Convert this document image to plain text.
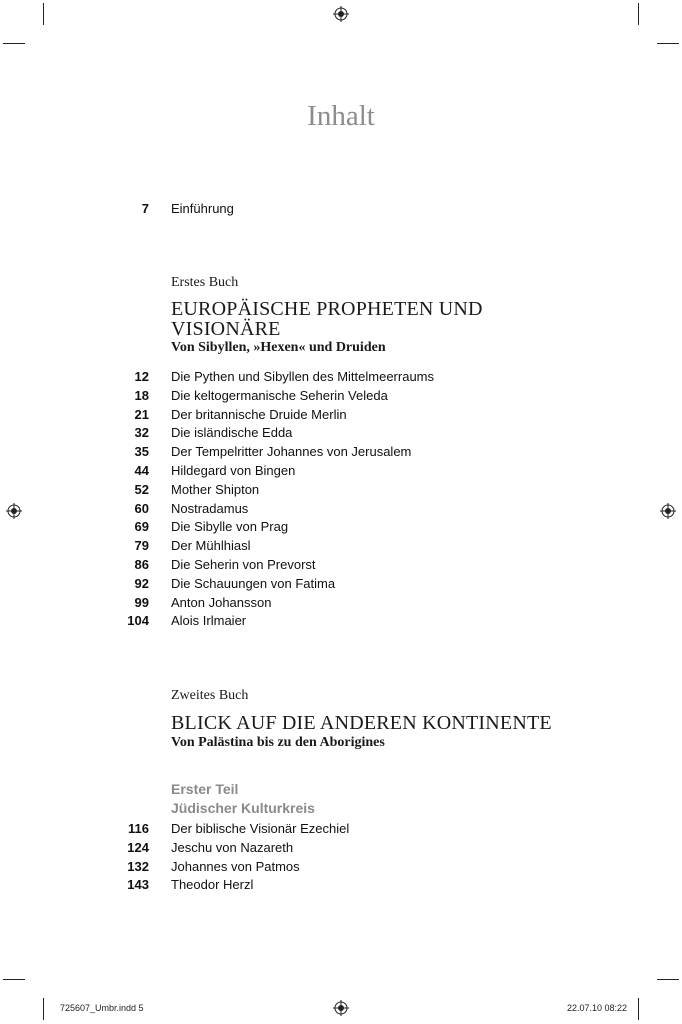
Inhalt
7 Einführung
Erstes Buch
EUROPÄISCHE PROPHETEN UND
VISIONÄRE
Von Sibyllen, »Hexen« und Druiden
12 Die Pythen und Sibyllen des Mittelmeerraums
18 Die keltogermanische Seherin Veleda
21 Der britannische Druide Merlin
32 Die isländische Edda
35 Der Tempelritter Johannes von Jerusalem
44 Hildegard von Bingen
52 Mother Shipton
60 Nostradamus
69 Die Sibylle von Prag
79 Der Mühlhiasl
86 Die Seherin von Prevorst
92 Die Schauungen von Fatima
99 Anton Johansson
104 Alois Irlmaier
Zweites Buch
BLICK AUF DIE ANDEREN KONTINENTE
Von Palästina bis zu den Aborigines
Erster Teil
Jüdischer Kulturkreis
116 Der biblische Visionär Ezechiel
124 Jeschu von Nazareth
132 Johannes von Patmos
143 Theodor Herzl
725607_Umbr.indd 5	22.07.10 08:22
